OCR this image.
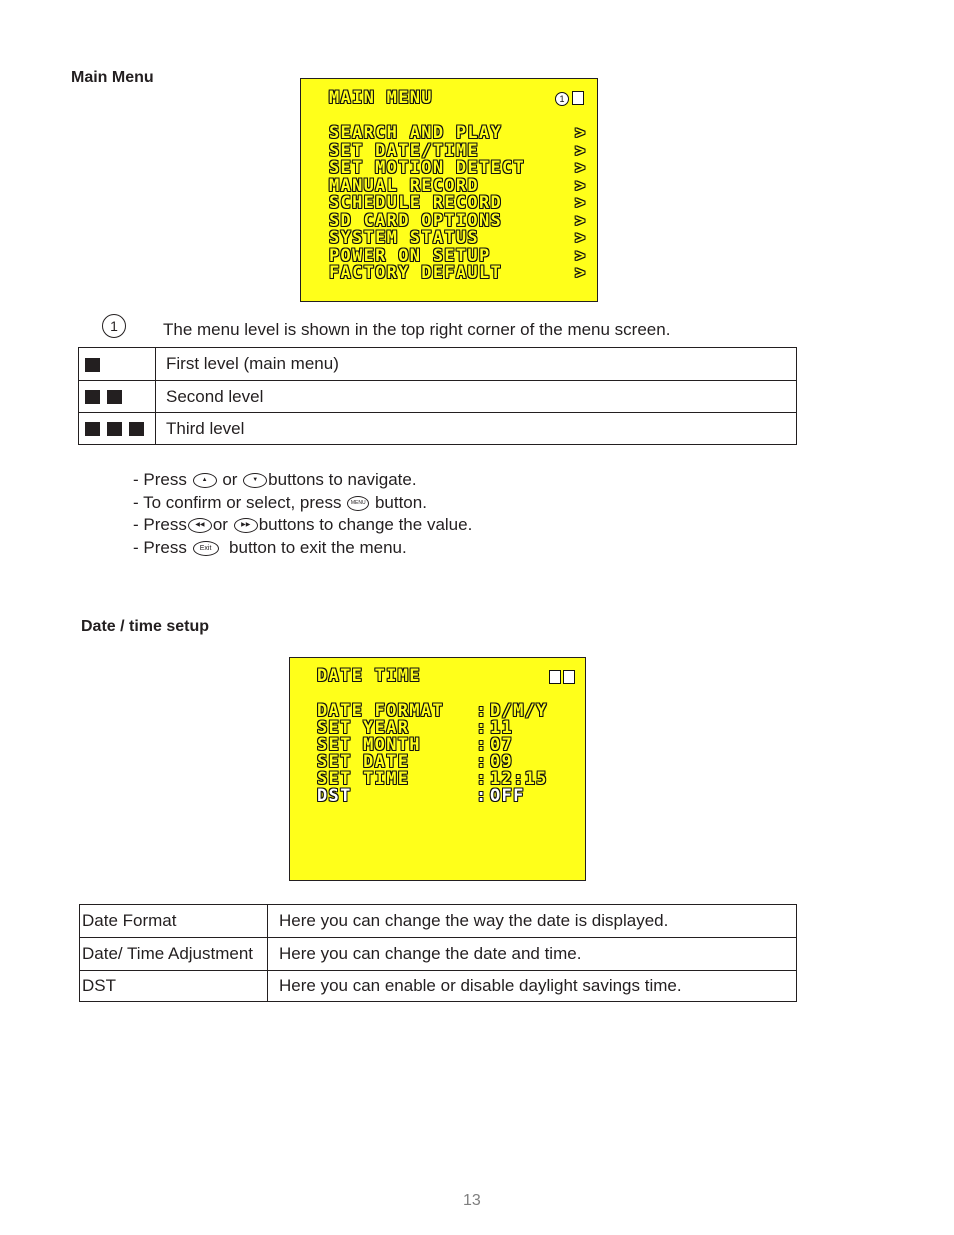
Main Menu
MAIN MENU	1
SEARCH AND PLAY	>
SET DATE/TIME	>
SET MOTION DETECT	>
MANUAL RECORD	>
SCHEDULE RECORD	>
SD CARD OPTIONS	>
SYSTEM STATUS	>
POWER ON SETUP	>
FACTORY DEFAULT	>
1	The menu level is shown in the top right corner of the menu screen.
	First level (main menu)
	Second level
	Third level
- Press ▲ or ▼ buttons to navigate.
- To confirm or select, press MENU button.
- Press ◀◀ or ▶▶ buttons to change the value.
- Press Exit button to exit the menu.
Date / time setup
DATE TIME
DATE FORMAT : D/M/Y
SET YEAR	: 11
SET MONTH	: 07
SET DATE	: 09
SET TIME	: 12:15
DST	: OFF
Date Format	Here you can change the way the date is displayed.
Date/ Time Adjustment	Here you can change the date and time.
DST	Here you can enable or disable daylight savings time.
13
